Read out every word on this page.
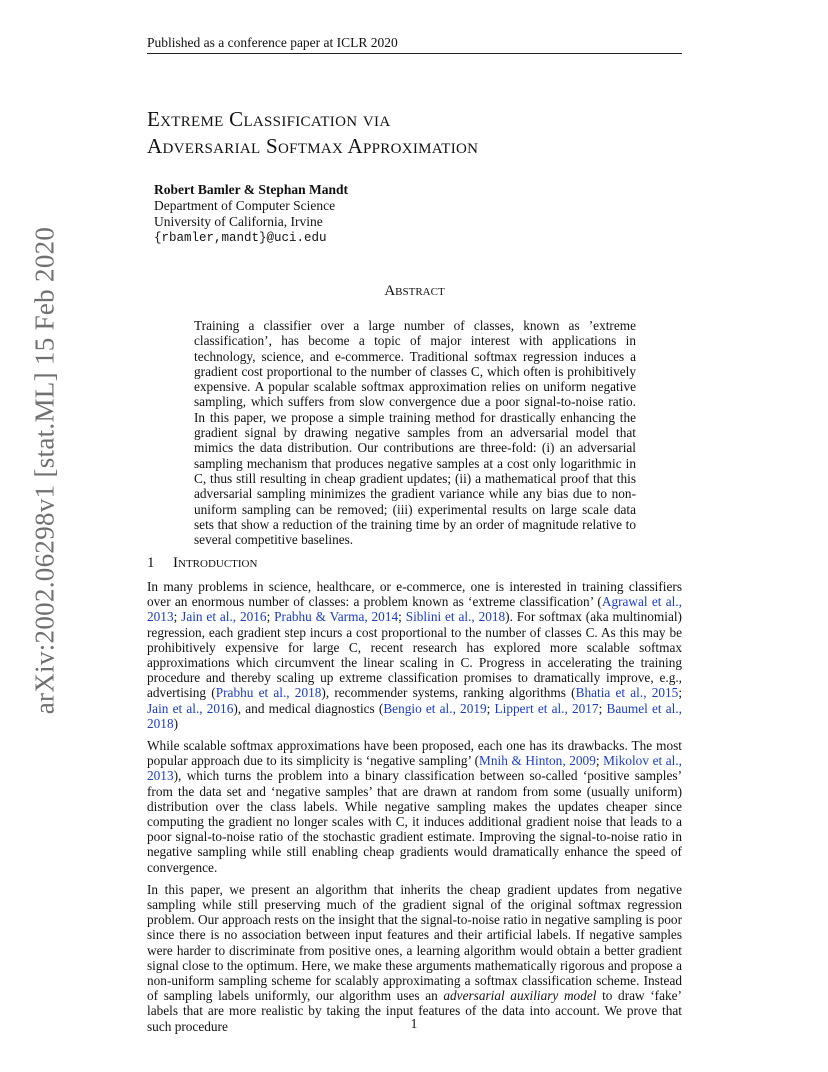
Published as a conference paper at ICLR 2020
Extreme Classification via
Adversarial Softmax Approximation
Robert Bamler & Stephan Mandt
Department of Computer Science
University of California, Irvine
{rbamler,mandt}@uci.edu
arXiv:2002.06298v1 [stat.ML] 15 Feb 2020	Abstract
Training a classifier over a large number of classes, known as ’extreme classification’, has become a topic of major interest with applications in technology, science, and e-commerce. Traditional softmax regression induces a gradient cost proportional to the number of classes C, which often is prohibitively expensive. A popular scalable softmax approximation relies on uniform negative sampling, which suffers from slow convergence due a poor signal-to-noise ratio. In this paper, we propose a simple training method for drastically enhancing the gradient signal by drawing negative samples from an adversarial model that mimics the data distribution. Our contributions are three-fold: (i) an adversarial sampling mechanism that produces negative samples at a cost only logarithmic in C, thus still resulting in cheap gradient updates; (ii) a mathematical proof that this adversarial sampling minimizes the gradient variance while any bias due to non-uniform sampling can be removed; (iii) experimental results on large scale data sets that show a reduction of the training time by an order of magnitude relative to several competitive baselines.
1 Introduction

In many problems in science, healthcare, or e-commerce, one is interested in training classifiers over an enormous number of classes: a problem known as ‘extreme classification’ (Agrawal et al., 2013; Jain et al., 2016; Prabhu & Varma, 2014; Siblini et al., 2018). For softmax (aka multinomial) regression, each gradient step incurs a cost proportional to the number of classes C. As this may be prohibitively expensive for large C, recent research has explored more scalable softmax approximations which circumvent the linear scaling in C. Progress in accelerating the training procedure and thereby scaling up extreme classification promises to dramatically improve, e.g., advertising (Prabhu et al., 2018), recommender systems, ranking algorithms (Bhatia et al., 2015; Jain et al., 2016), and medical diagnostics (Bengio et al., 2019; Lippert et al., 2017; Baumel et al., 2018)

While scalable softmax approximations have been proposed, each one has its drawbacks. The most popular approach due to its simplicity is ‘negative sampling’ (Mnih & Hinton, 2009; Mikolov et al., 2013), which turns the problem into a binary classification between so-called ‘positive samples’ from the data set and ‘negative samples’ that are drawn at random from some (usually uniform) distribution over the class labels. While negative sampling makes the updates cheaper since computing the gradient no longer scales with C, it induces additional gradient noise that leads to a poor signal-to-noise ratio of the stochastic gradient estimate. Improving the signal-to-noise ratio in negative sampling while still enabling cheap gradients would dramatically enhance the speed of convergence.

In this paper, we present an algorithm that inherits the cheap gradient updates from negative sampling while still preserving much of the gradient signal of the original softmax regression problem. Our approach rests on the insight that the signal-to-noise ratio in negative sampling is poor since there is no association between input features and their artificial labels. If negative samples were harder to discriminate from positive ones, a learning algorithm would obtain a better gradient signal close to the optimum. Here, we make these arguments mathematically rigorous and propose a non-uniform sampling scheme for scalably approximating a softmax classification scheme. Instead of sampling labels uniformly, our algorithm uses an adversarial auxiliary model to draw ‘fake’ labels that are more realistic by taking the input features of the data into account. We prove that such procedure	1
